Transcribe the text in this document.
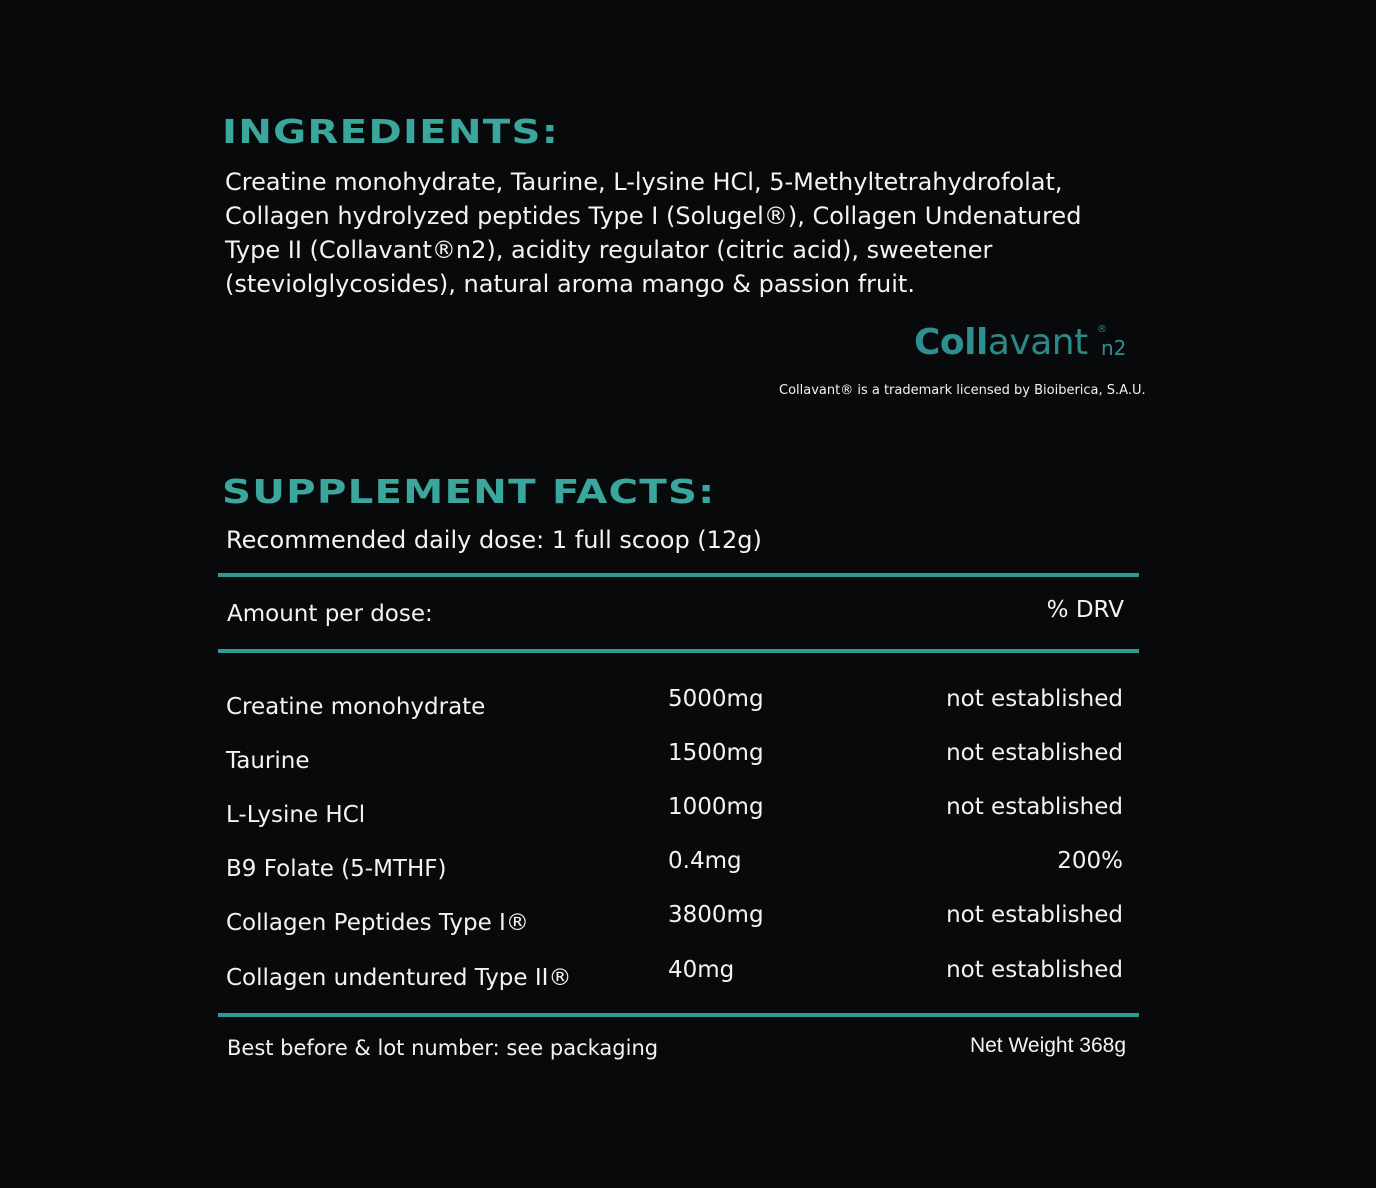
INGREDIENTS:
Creatine monohydrate, Taurine, L-lysine HCl, 5-Methyltetrahydrofolat,
Collagen hydrolyzed peptides Type I (Solugel®), Collagen Undenatured
Type II (Collavant®n2), acidity regulator (citric acid), sweetener
(steviolglycosides), natural aroma mango & passion fruit.
Collavant ®
n2
Collavant® is a trademark licensed by Bioiberica, S.A.U.
SUPPLEMENT FACTS:
Recommended daily dose: 1 full scoop (12g)
Amount per dose:	% DRV
Creatine monohydrate	5000mg	not established
Taurine	1500mg	not established
L-Lysine HCl	1000mg	not established
B9 Folate (5-MTHF)	0.4mg	200%
Collagen Peptides Type I®	3800mg	not established
Collagen undentured Type II®	40mg	not established
Best before & lot number: see packaging	Net Weight 368g
